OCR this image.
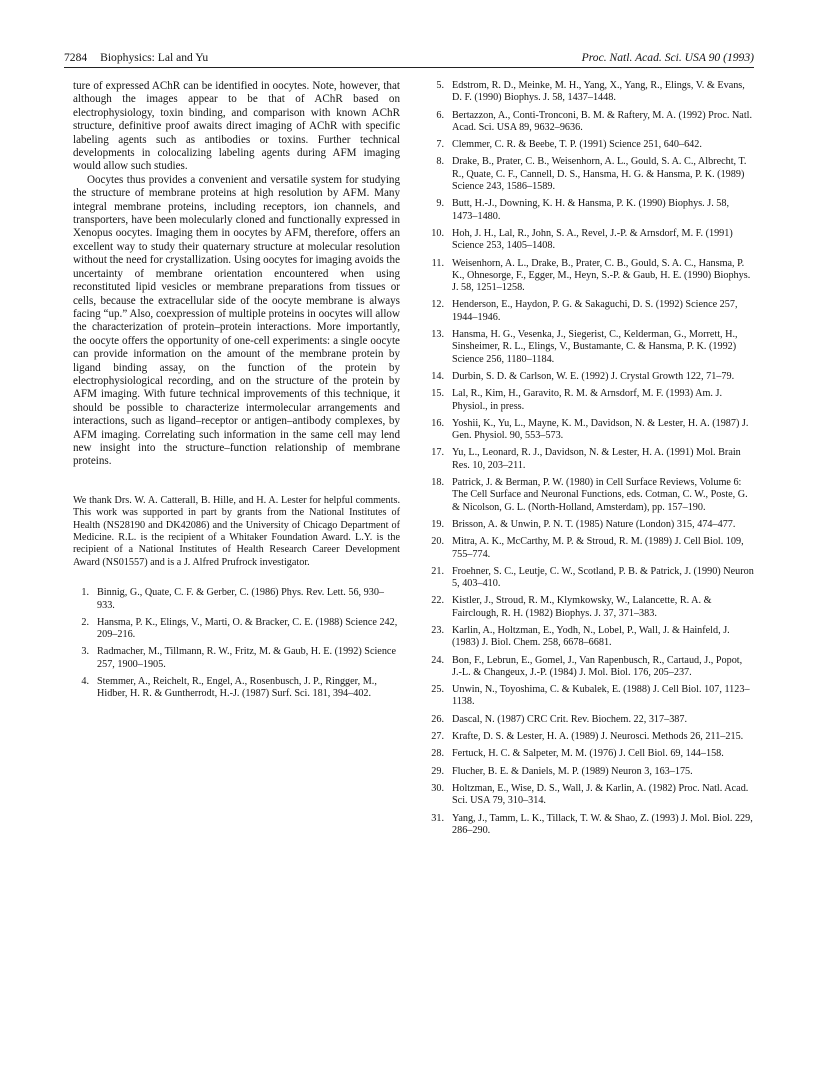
7284 Biophysics: Lal and Yu	Proc. Natl. Acad. Sci. USA 90 (1993)

ture of expressed AChR can be identified in oocytes. Note, however, that although the images appear to be that of AChR based on electrophysiology, toxin binding, and comparison with known AChR structure, definitive proof awaits direct imaging of AChR with specific labeling agents such as antibodies or toxins. Further technical developments in colocalizing labeling agents during AFM imaging would allow such studies.

Oocytes thus provides a convenient and versatile system for studying the structure of membrane proteins at high resolution by AFM. Many integral membrane proteins, including receptors, ion channels, and transporters, have been molecularly cloned and functionally expressed in Xenopus oocytes. Imaging them in oocytes by AFM, therefore, offers an excellent way to study their quaternary structure at molecular resolution without the need for crystallization. Using oocytes for imaging avoids the uncertainty of membrane orientation encountered when using reconstituted lipid vesicles or membrane preparations from tissues or cells, because the extracellular side of the oocyte membrane is always facing “up.” Also, coexpression of multiple proteins in oocytes will allow the characterization of protein–protein interactions. More importantly, the oocyte offers the opportunity of one-cell experiments: a single oocyte can provide information on the amount of the membrane protein by ligand binding assay, on the function of the protein by electrophysiological recording, and on the structure of the protein by AFM imaging. With future technical improvements of this technique, it should be possible to characterize intermolecular arrangements and interactions, such as ligand–receptor or antigen–antibody complexes, by AFM imaging. Correlating such information in the same cell may lend new insight into the structure–function relationship of membrane proteins.

We thank Drs. W. A. Catterall, B. Hille, and H. A. Lester for helpful comments. This work was supported in part by grants from the National Institutes of Health (NS28190 and DK42086) and the University of Chicago Department of Medicine. R.L. is the recipient of a Whitaker Foundation Award. L.Y. is the recipient of a National Institutes of Health Research Career Development Award (NS01557) and is a J. Alfred Prufrock investigator.

1. Binnig, G., Quate, C. F. & Gerber, C. (1986) Phys. Rev. Lett. 56, 930–933.
2. Hansma, P. K., Elings, V., Marti, O. & Bracker, C. E. (1988) Science 242, 209–216.
3. Radmacher, M., Tillmann, R. W., Fritz, M. & Gaub, H. E. (1992) Science 257, 1900–1905.
4. Stemmer, A., Reichelt, R., Engel, A., Rosenbusch, J. P., Ringger, M., Hidber, H. R. & Guntherrodt, H.-J. (1987) Surf. Sci. 181, 394–402.
5. Edstrom, R. D., Meinke, M. H., Yang, X., Yang, R., Elings, V. & Evans, D. F. (1990) Biophys. J. 58, 1437–1448.
6. Bertazzon, A., Conti-Tronconi, B. M. & Raftery, M. A. (1992) Proc. Natl. Acad. Sci. USA 89, 9632–9636.
7. Clemmer, C. R. & Beebe, T. P. (1991) Science 251, 640–642.
8. Drake, B., Prater, C. B., Weisenhorn, A. L., Gould, S. A. C., Albrecht, T. R., Quate, C. F., Cannell, D. S., Hansma, H. G. & Hansma, P. K. (1989) Science 243, 1586–1589.
9. Butt, H.-J., Downing, K. H. & Hansma, P. K. (1990) Biophys. J. 58, 1473–1480.
10. Hoh, J. H., Lal, R., John, S. A., Revel, J.-P. & Arnsdorf, M. F. (1991) Science 253, 1405–1408.
11. Weisenhorn, A. L., Drake, B., Prater, C. B., Gould, S. A. C., Hansma, P. K., Ohnesorge, F., Egger, M., Heyn, S.-P. & Gaub, H. E. (1990) Biophys. J. 58, 1251–1258.
12. Henderson, E., Haydon, P. G. & Sakaguchi, D. S. (1992) Science 257, 1944–1946.
13. Hansma, H. G., Vesenka, J., Siegerist, C., Kelderman, G., Morrett, H., Sinsheimer, R. L., Elings, V., Bustamante, C. & Hansma, P. K. (1992) Science 256, 1180–1184.
14. Durbin, S. D. & Carlson, W. E. (1992) J. Crystal Growth 122, 71–79.
15. Lal, R., Kim, H., Garavito, R. M. & Arnsdorf, M. F. (1993) Am. J. Physiol., in press.
16. Yoshii, K., Yu, L., Mayne, K. M., Davidson, N. & Lester, H. A. (1987) J. Gen. Physiol. 90, 553–573.
17. Yu, L., Leonard, R. J., Davidson, N. & Lester, H. A. (1991) Mol. Brain Res. 10, 203–211.
18. Patrick, J. & Berman, P. W. (1980) in Cell Surface Reviews, Volume 6: The Cell Surface and Neuronal Functions, eds. Cotman, C. W., Poste, G. & Nicolson, G. L. (North-Holland, Amsterdam), pp. 157–190.
19. Brisson, A. & Unwin, P. N. T. (1985) Nature (London) 315, 474–477.
20. Mitra, A. K., McCarthy, M. P. & Stroud, R. M. (1989) J. Cell Biol. 109, 755–774.
21. Froehner, S. C., Leutje, C. W., Scotland, P. B. & Patrick, J. (1990) Neuron 5, 403–410.
22. Kistler, J., Stroud, R. M., Klymkowsky, W., Lalancette, R. A. & Fairclough, R. H. (1982) Biophys. J. 37, 371–383.
23. Karlin, A., Holtzman, E., Yodh, N., Lobel, P., Wall, J. & Hainfeld, J. (1983) J. Biol. Chem. 258, 6678–6681.
24. Bon, F., Lebrun, E., Gomel, J., Van Rapenbusch, R., Cartaud, J., Popot, J.-L. & Changeux, J.-P. (1984) J. Mol. Biol. 176, 205–237.
25. Unwin, N., Toyoshima, C. & Kubalek, E. (1988) J. Cell Biol. 107, 1123–1138.
26. Dascal, N. (1987) CRC Crit. Rev. Biochem. 22, 317–387.
27. Krafte, D. S. & Lester, H. A. (1989) J. Neurosci. Methods 26, 211–215.
28. Fertuck, H. C. & Salpeter, M. M. (1976) J. Cell Biol. 69, 144–158.
29. Flucher, B. E. & Daniels, M. P. (1989) Neuron 3, 163–175.
30. Holtzman, E., Wise, D. S., Wall, J. & Karlin, A. (1982) Proc. Natl. Acad. Sci. USA 79, 310–314.
31. Yang, J., Tamm, L. K., Tillack, T. W. & Shao, Z. (1993) J. Mol. Biol. 229, 286–290.
